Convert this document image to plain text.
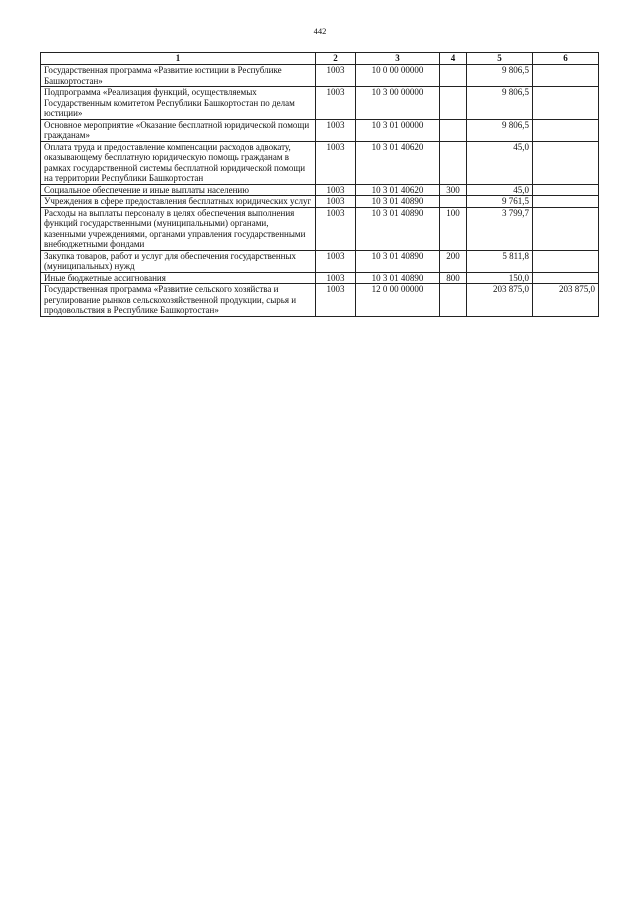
442
1	2	3	4	5	6
Государственная программа «Развитие юстиции в Республике Башкортостан»	1003	10 0 00 00000		9 806,5	
Подпрограмма «Реализация функций, осуществляемых Государственным комитетом Республики Башкортостан по делам юстиции»	1003	10 3 00 00000		9 806,5	
Основное мероприятие «Оказание бесплатной юридической помощи гражданам»	1003	10 3 01 00000		9 806,5	
Оплата труда и предоставление компенсации расходов адвокату, оказывающему бесплатную юридическую помощь гражданам в рамках государственной системы бесплатной юридической помощи на территории Республики Башкортостан	1003	10 3 01 40620		45,0	
Социальное обеспечение и иные выплаты населению	1003	10 3 01 40620	300	45,0	
Учреждения в сфере предоставления бесплатных юридических услуг	1003	10 3 01 40890		9 761,5	
Расходы на выплаты персоналу в целях обеспечения выполнения функций государственными (муниципальными) органами, казенными учреждениями, органами управления государственными внебюджетными фондами	1003	10 3 01 40890	100	3 799,7	
Закупка товаров, работ и услуг для обеспечения государственных (муниципальных) нужд	1003	10 3 01 40890	200	5 811,8	
Иные бюджетные ассигнования	1003	10 3 01 40890	800	150,0	
Государственная программа «Развитие сельского хозяйства и регулирование рынков сельскохозяйственной продукции, сырья и продовольствия в Республике Башкортостан»	1003	12 0 00 00000		203 875,0	203 875,0
